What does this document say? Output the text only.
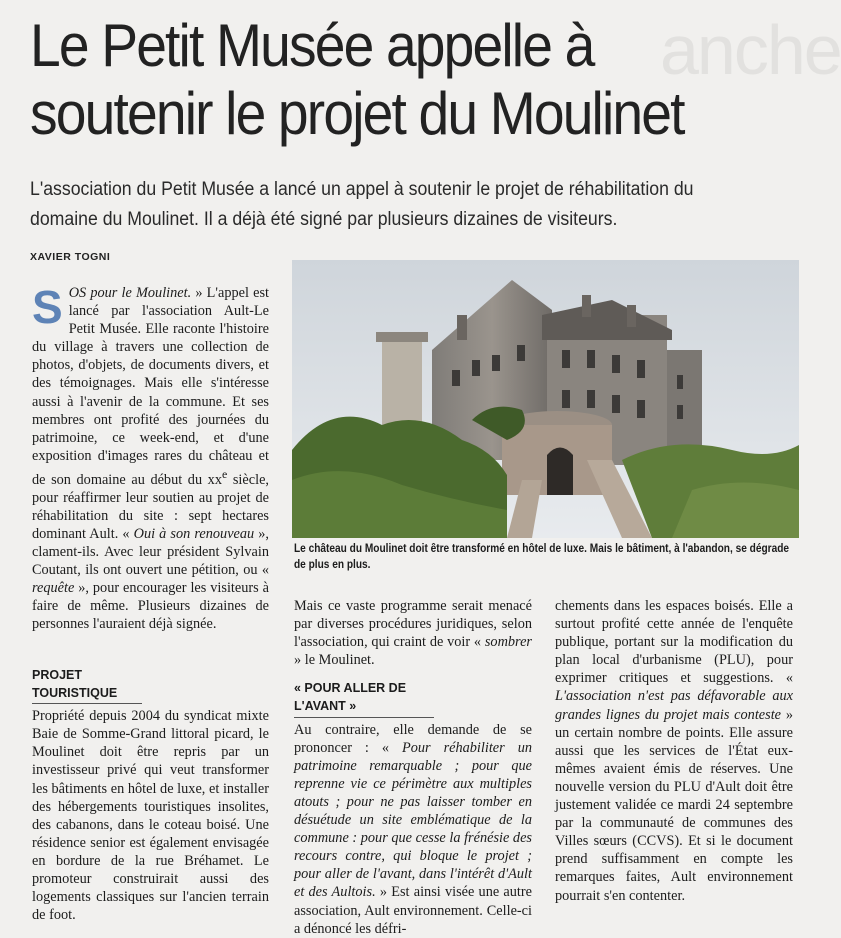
anche
Le Petit Musée appelle à
soutenir le projet du Moulinet

L'association du Petit Musée a lancé un appel à soutenir le projet de réhabilitation du domaine du Moulinet. Il a déjà été signé par plusieurs dizaines de visiteurs.

XAVIER TOGNI

SOS pour le Moulinet. » L'appel est lancé par l'association Ault-Le Petit Musée. Elle raconte l'histoire du village à travers une collection de photos, d'objets, de documents divers, et des témoignages. Mais elle s'intéresse aussi à l'avenir de la commune. Et ses membres ont profité des journées du patrimoine, ce week-end, et d'une exposition d'images rares du château et de son domaine au début du $xx^e$ siècle, pour réaffirmer leur soutien au projet de réhabilitation du site : sept hectares dominant Ault. « Oui à son renouveau », clament-ils. Avec leur président Sylvain Coutant, ils ont ouvert une pétition, ou « requête », pour encourager les visiteurs à faire de même. Plusieurs dizaines de personnes l'auraient déjà signée.

PROJET TOURISTIQUE

Propriété depuis 2004 du syndicat mixte Baie de Somme-Grand littoral picard, le Moulinet doit être repris par un investisseur privé qui veut transformer les bâtiments en hôtel de luxe, et installer des hébergements touristiques insolites, des cabanons, dans le coteau boisé. Une résidence senior est également envisagée en bordure de la rue Bréhamet. Le promoteur construirait aussi des logements classiques sur l'ancien terrain de foot.

Le château du Moulinet doit être transformé en hôtel de luxe. Mais le bâtiment, à l'abandon, se dégrade de plus en plus.

Mais ce vaste programme serait menacé par diverses procédures juridiques, selon l'association, qui craint de voir « sombrer » le Moulinet.

« POUR ALLER DE L'AVANT »

Au contraire, elle demande de se prononcer : « Pour réhabiliter un patrimoine remarquable ; pour que reprenne vie ce périmètre aux multiples atouts ; pour ne pas laisser tomber en désuétude un site emblématique de la commune : pour que cesse la frénésie des recours contre, qui bloque le projet ; pour aller de l'avant, dans l'intérêt d'Ault et des Aultois. » Est ainsi visée une autre association, Ault environnement. Celle-ci a dénoncé les défri-

chements dans les espaces boisés. Elle a surtout profité cette année de l'enquête publique, portant sur la modification du plan local d'urbanisme (PLU), pour exprimer critiques et suggestions. « L'association n'est pas défavorable aux grandes lignes du projet mais conteste » un certain nombre de points. Elle assure aussi que les services de l'État eux-mêmes avaient émis de réserves. Une nouvelle version du PLU d'Ault doit être justement validée ce mardi 24 septembre par la communauté de communes des Villes sœurs (CCVS). Et si le document prend suffisamment en compte les remarques faites, Ault environnement pourrait s'en contenter.
